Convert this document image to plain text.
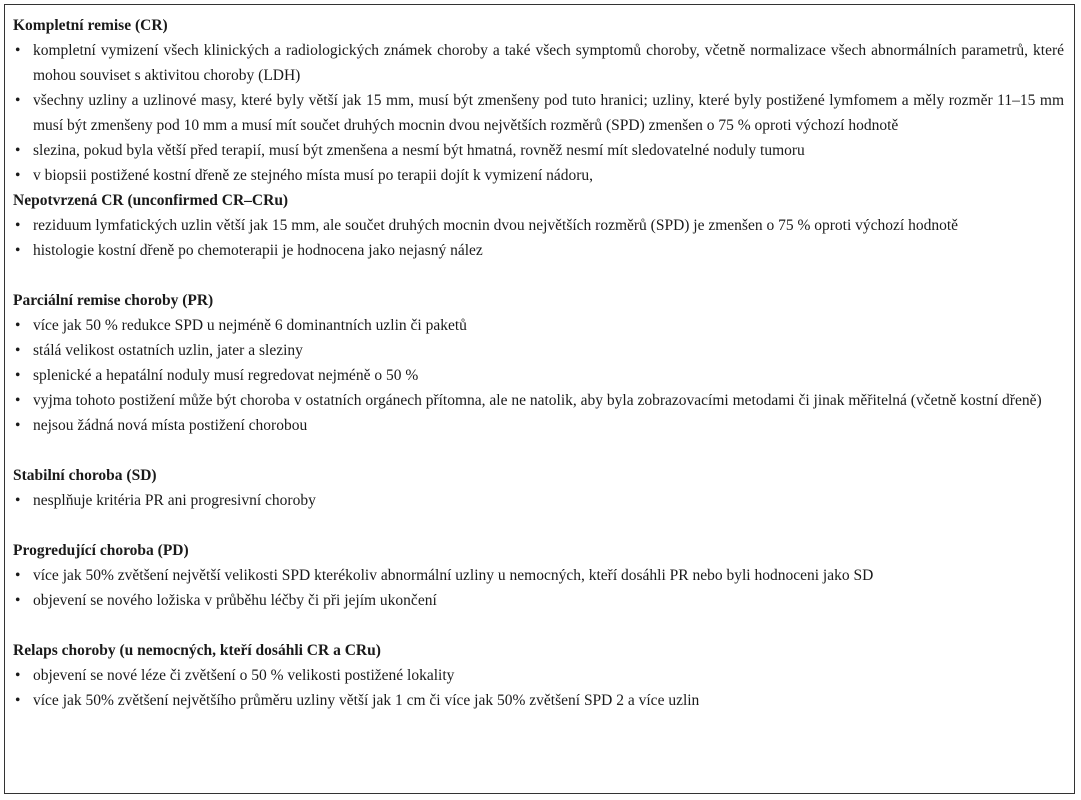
Kompletní remise (CR)

• kompletní vymizení všech klinických a radiologických známek choroby a také všech symptomů choroby, včetně normalizace všech abnormálních parametrů, které mohou souviset s aktivitou choroby (LDH)
• všechny uzliny a uzlinové masy, které byly větší jak 15 mm, musí být zmenšeny pod tuto hranici; uzliny, které byly postižené lymfomem a měly rozměr 11–15 mm musí být zmenšeny pod 10 mm a musí mít součet druhých mocnin dvou největších rozměrů (SPD) zmenšen o 75 % oproti výchozí hodnotě
• slezina, pokud byla větší před terapií, musí být zmenšena a nesmí být hmatná, rovněž nesmí mít sledovatelné noduly tumoru
• v biopsii postižené kostní dřeně ze stejného místa musí po terapii dojít k vymizení nádoru,

Nepotvrzená CR (unconfirmed CR–CRu)

• reziduum lymfatických uzlin větší jak 15 mm, ale součet druhých mocnin dvou největších rozměrů (SPD) je zmenšen o 75 % oproti výchozí hodnotě
• histologie kostní dřeně po chemoterapii je hodnocena jako nejasný nález

Parciální remise choroby (PR)

• více jak 50 % redukce SPD u nejméně 6 dominantních uzlin či paketů
• stálá velikost ostatních uzlin, jater a sleziny
• splenické a hepatální noduly musí regredovat nejméně o 50 %
• vyjma tohoto postižení může být choroba v ostatních orgánech přítomna, ale ne natolik, aby byla zobrazovacími metodami či jinak měřitelná (včetně kostní dřeně)
• nejsou žádná nová místa postižení chorobou

Stabilní choroba (SD)

• nesplňuje kritéria PR ani progresivní choroby

Progredující choroba (PD)

• více jak 50% zvětšení největší velikosti SPD kterékoliv abnormální uzliny u nemocných, kteří dosáhli PR nebo byli hodnoceni jako SD
• objevení se nového ložiska v průběhu léčby či při jejím ukončení

Relaps choroby (u nemocných, kteří dosáhli CR a CRu)

• objevení se nové léze či zvětšení o 50 % velikosti postižené lokality
• více jak 50% zvětšení největšího průměru uzliny větší jak 1 cm či více jak 50% zvětšení SPD 2 a více uzlin
